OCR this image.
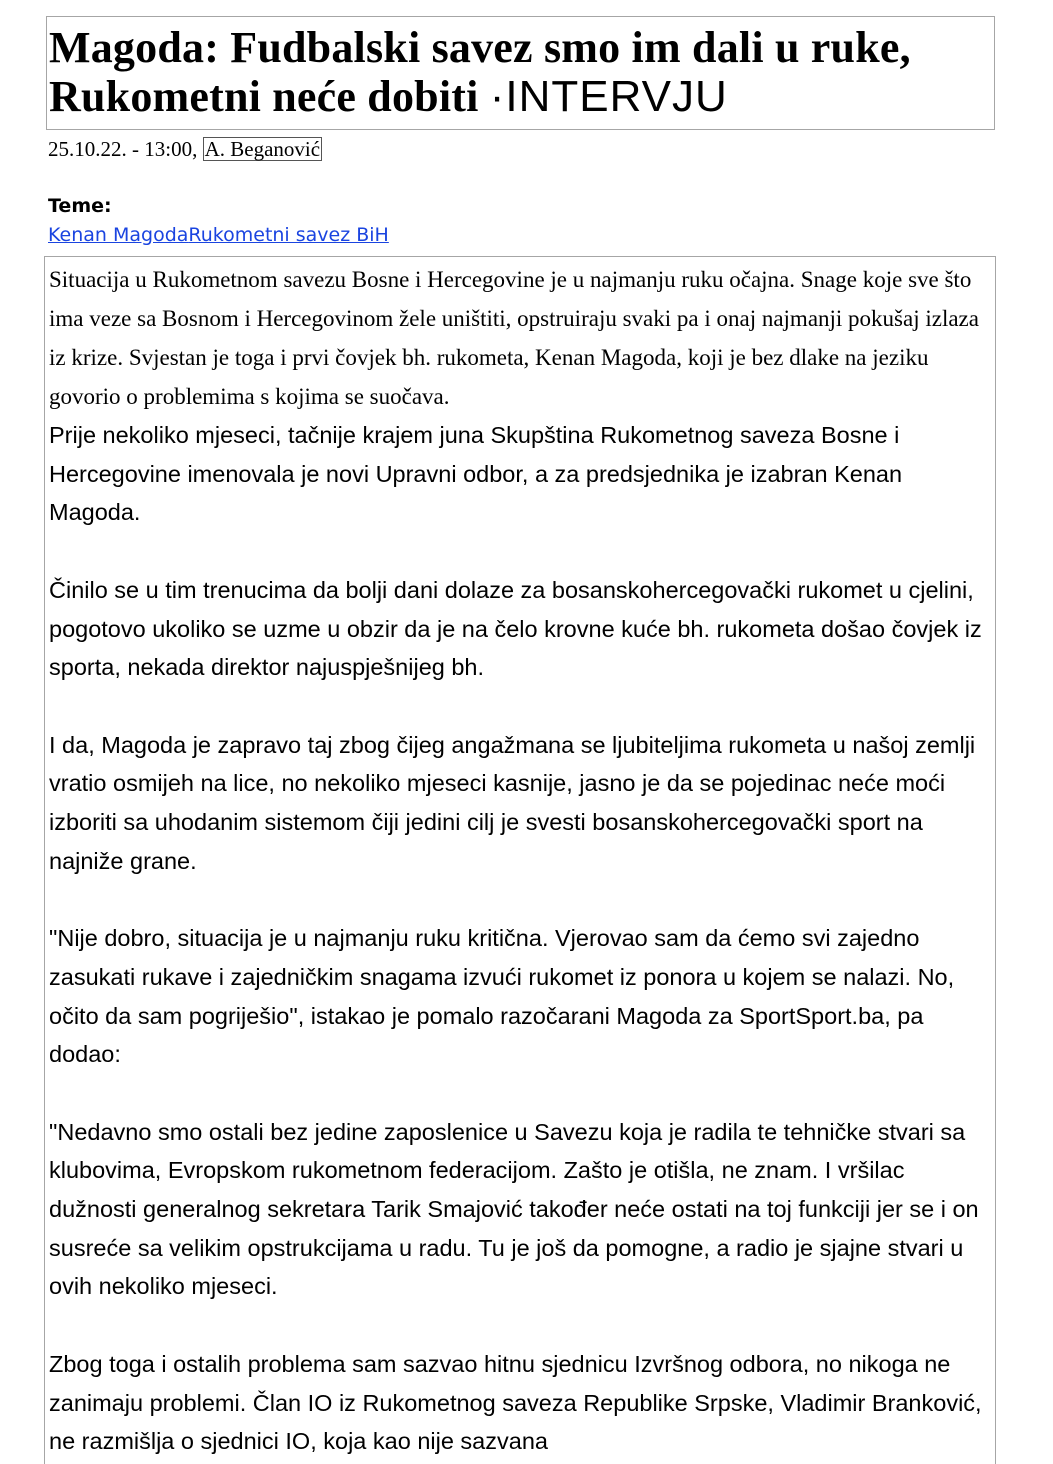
Magoda: Fudbalski savez smo im dali u ruke, Rukometni neće dobiti ·INTERVJU
25.10.22. - 13:00, A. Beganović
Teme:
Kenan MagodaRukometni savez BiH

Situacija u Rukometnom savezu Bosne i Hercegovine je u najmanju ruku očajna. Snage koje sve što ima veze sa Bosnom i Hercegovinom žele uništiti, opstruiraju svaki pa i onaj najmanji pokušaj izlaza iz krize. Svjestan je toga i prvi čovjek bh. rukometa, Kenan Magoda, koji je bez dlake na jeziku govorio o problemima s kojima se suočava.

Prije nekoliko mjeseci, tačnije krajem juna Skupština Rukometnog saveza Bosne i Hercegovine imenovala je novi Upravni odbor, a za predsjednika je izabran Kenan Magoda.

Činilo se u tim trenucima da bolji dani dolaze za bosanskohercegovački rukomet u cjelini, pogotovo ukoliko se uzme u obzir da je na čelo krovne kuće bh. rukometa došao čovjek iz sporta, nekada direktor najuspješnijeg bh.

I da, Magoda je zapravo taj zbog čijeg angažmana se ljubiteljima rukometa u našoj zemlji vratio osmijeh na lice, no nekoliko mjeseci kasnije, jasno je da se pojedinac neće moći izboriti sa uhodanim sistemom čiji jedini cilj je svesti bosanskohercegovački sport na najniže grane.

"Nije dobro, situacija je u najmanju ruku kritična. Vjerovao sam da ćemo svi zajedno zasukati rukave i zajedničkim snagama izvući rukomet iz ponora u kojem se nalazi. No, očito da sam pogriješio", istakao je pomalo razočarani Magoda za SportSport.ba, pa dodao:

"Nedavno smo ostali bez jedine zaposlenice u Savezu koja je radila te tehničke stvari sa klubovima, Evropskom rukometnom federacijom. Zašto je otišla, ne znam. I vršilac dužnosti generalnog sekretara Tarik Smajović također neće ostati na toj funkciji jer se i on susreće sa velikim opstrukcijama u radu. Tu je još da pomogne, a radio je sjajne stvari u ovih nekoliko mjeseci.

Zbog toga i ostalih problema sam sazvao hitnu sjednicu Izvršnog odbora, no nikoga ne zanimaju problemi. Član IO iz Rukometnog saveza Republike Srpske, Vladimir Branković, ne razmišlja o sjednici IO, koja kao nije sazvana
